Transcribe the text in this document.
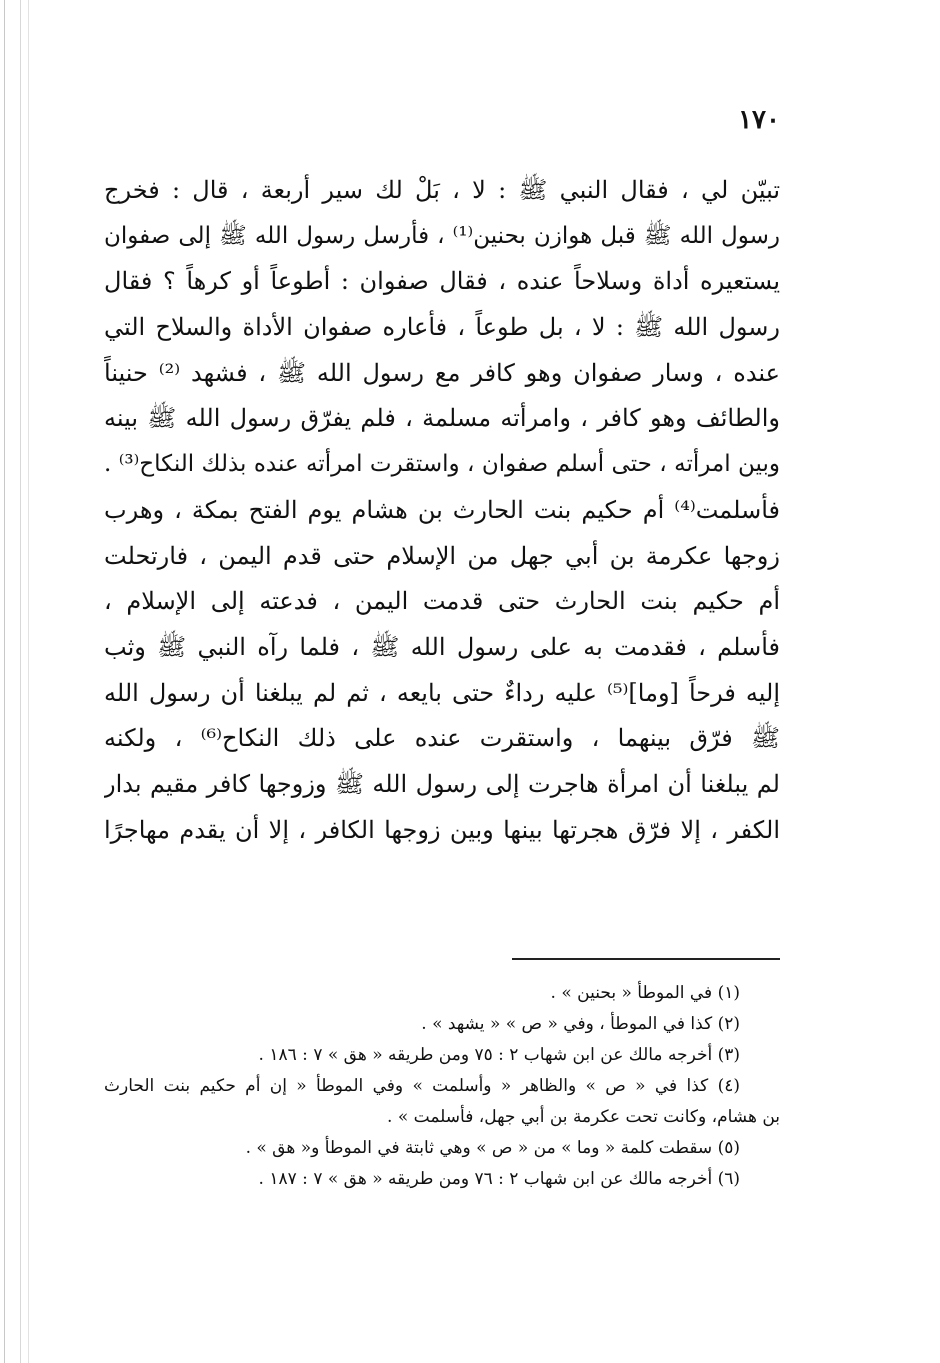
١٧٠
تبيّن لي ، فقال النبي ﷺ : لا ، بَلْ لك سير أربعة ، قال : فخرج
رسول الله ﷺ قبل هوازن بحنين⁽¹⁾ ، فأرسل رسول الله ﷺ إلى صفوان
يستعيره أداة وسلاحاً عنده ، فقال صفوان : أطوعاً أو كرهاً ؟ فقال
رسول الله ﷺ : لا ، بل طوعاً ، فأعاره صفوان الأداة والسلاح التي
عنده ، وسار صفوان وهو كافر مع رسول الله ﷺ ، فشهد ⁽²⁾ حنيناً
والطائف وهو كافر ، وامرأته مسلمة ، فلم يفرّق رسول الله ﷺ بينه
وبين امرأته ، حتى أسلم صفوان ، واستقرت امرأته عنده بذلك النكاح⁽³⁾ .
فأسلمت⁽⁴⁾ أم حكيم بنت الحارث بن هشام يوم الفتح بمكة ، وهرب
زوجها عكرمة بن أبي جهل من الإسلام حتى قدم اليمن ، فارتحلت
أم حكيم بنت الحارث حتى قدمت اليمن ، فدعته إلى الإسلام ،
فأسلم ، فقدمت به على رسول الله ﷺ ، فلما رآه النبي ﷺ وثب
إليه فرحاً [وما]⁽⁵⁾ عليه رداءٌ حتى بايعه ، ثم لم يبلغنا أن رسول الله
ﷺ فرّق بينهما ، واستقرت عنده على ذلك النكاح⁽⁶⁾ ، ولكنه
لم يبلغنا أن امرأة هاجرت إلى رسول الله ﷺ وزوجها كافر مقيم بدار
الكفر ، إلا فرّق هجرتها بينها وبين زوجها الكافر ، إلا أن يقدم مهاجرًا
(١) في الموطأ « بحنين » .
(٢) كذا في الموطأ ، وفي « ص » « يشهد » .
(٣) أخرجه مالك عن ابن شهاب ٢ : ٧٥ ومن طريقه « هق » ٧ : ١٨٦ .
(٤) كذا في « ص » والظاهر « وأسلمت » وفي الموطأ « إن أم حكيم بنت الحارث
بن هشام، وكانت تحت عكرمة بن أبي جهل، فأسلمت » .
(٥) سقطت كلمة « وما » من « ص » وهي ثابتة في الموطأ و« هق » .
(٦) أخرجه مالك عن ابن شهاب ٢ : ٧٦ ومن طريقه « هق » ٧ : ١٨٧ .
